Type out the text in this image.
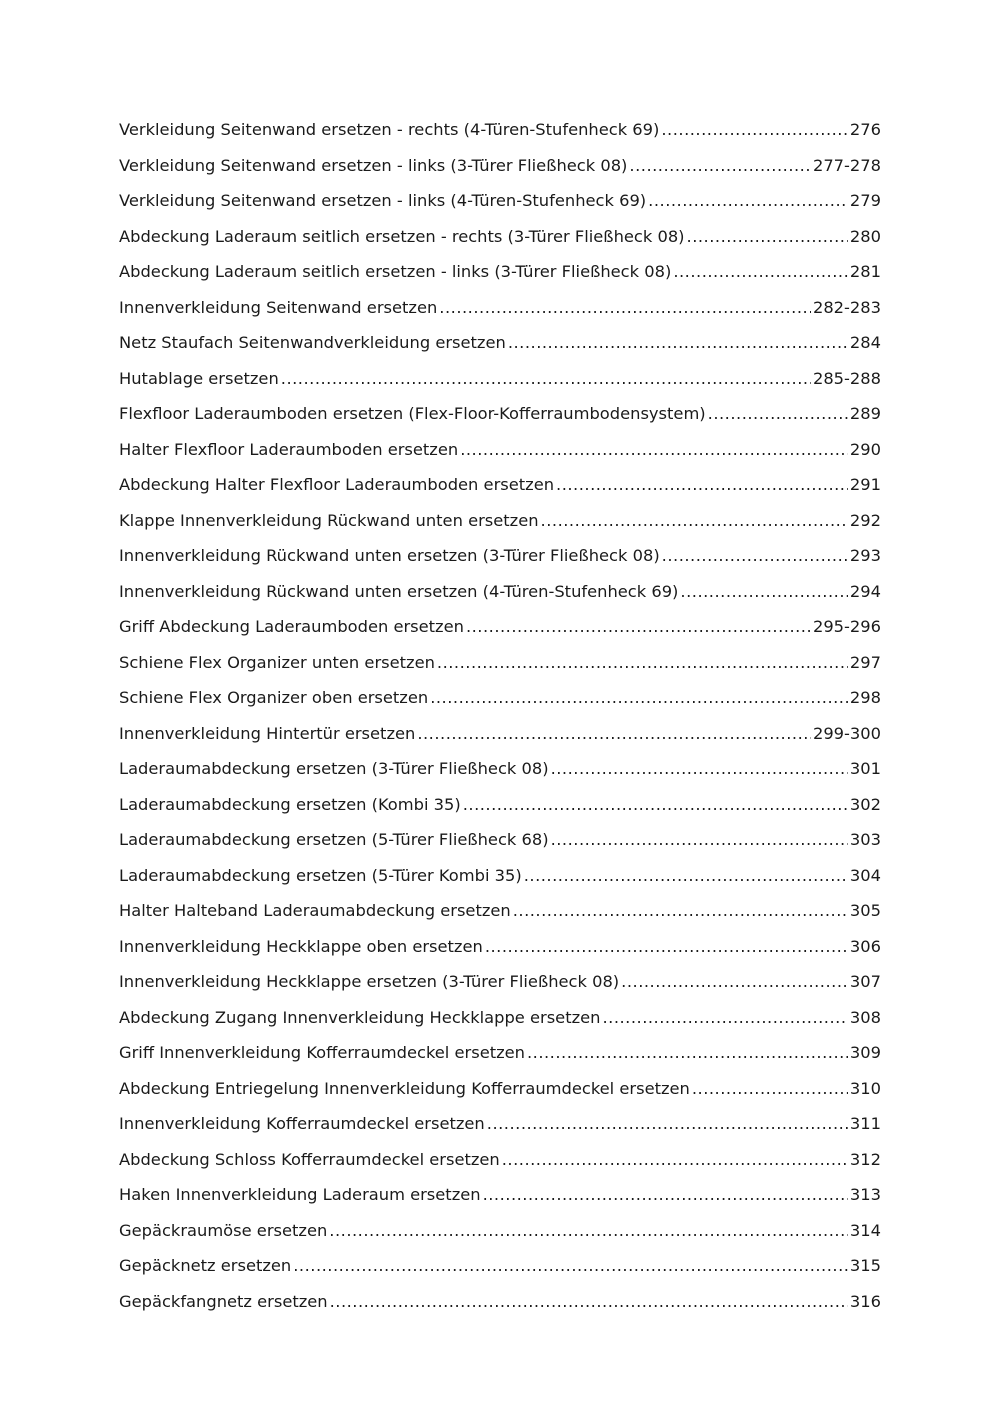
Verkleidung Seitenwand ersetzen - rechts (4-Türen-Stufenheck 69) .....	276
Verkleidung Seitenwand ersetzen - links (3-Türer Fließheck 08) .....	277-278
Verkleidung Seitenwand ersetzen - links (4-Türen-Stufenheck 69) .....	279
Abdeckung Laderaum seitlich ersetzen - rechts (3-Türer Fließheck 08) .....	280
Abdeckung Laderaum seitlich ersetzen - links (3-Türer Fließheck 08) .....	281
Innenverkleidung Seitenwand ersetzen .....	282-283
Netz Staufach Seitenwandverkleidung ersetzen .....	284
Hutablage ersetzen .....	285-288
Flexfloor Laderaumboden ersetzen (Flex-Floor-Kofferraumbodensystem) .....	289
Halter Flexfloor Laderaumboden ersetzen .....	290
Abdeckung Halter Flexfloor Laderaumboden ersetzen .....	291
Klappe Innenverkleidung Rückwand unten ersetzen .....	292
Innenverkleidung Rückwand unten ersetzen (3-Türer Fließheck 08) .....	293
Innenverkleidung Rückwand unten ersetzen (4-Türen-Stufenheck 69) .....	294
Griff Abdeckung Laderaumboden ersetzen .....	295-296
Schiene Flex Organizer unten ersetzen .....	297
Schiene Flex Organizer oben ersetzen .....	298
Innenverkleidung Hintertür ersetzen .....	299-300
Laderaumabdeckung ersetzen (3-Türer Fließheck 08) .....	301
Laderaumabdeckung ersetzen (Kombi 35) .....	302
Laderaumabdeckung ersetzen (5-Türer Fließheck 68) .....	303
Laderaumabdeckung ersetzen (5-Türer Kombi 35) .....	304
Halter Halteband Laderaumabdeckung ersetzen .....	305
Innenverkleidung Heckklappe oben ersetzen .....	306
Innenverkleidung Heckklappe ersetzen (3-Türer Fließheck 08) .....	307
Abdeckung Zugang Innenverkleidung Heckklappe ersetzen .....	308
Griff Innenverkleidung Kofferraumdeckel ersetzen .....	309
Abdeckung Entriegelung Innenverkleidung Kofferraumdeckel ersetzen .....	310
Innenverkleidung Kofferraumdeckel ersetzen .....	311
Abdeckung Schloss Kofferraumdeckel ersetzen .....	312
Haken Innenverkleidung Laderaum ersetzen .....	313
Gepäckraumöse ersetzen .....	314
Gepäcknetz ersetzen .....	315
Gepäckfangnetz ersetzen .....	316
